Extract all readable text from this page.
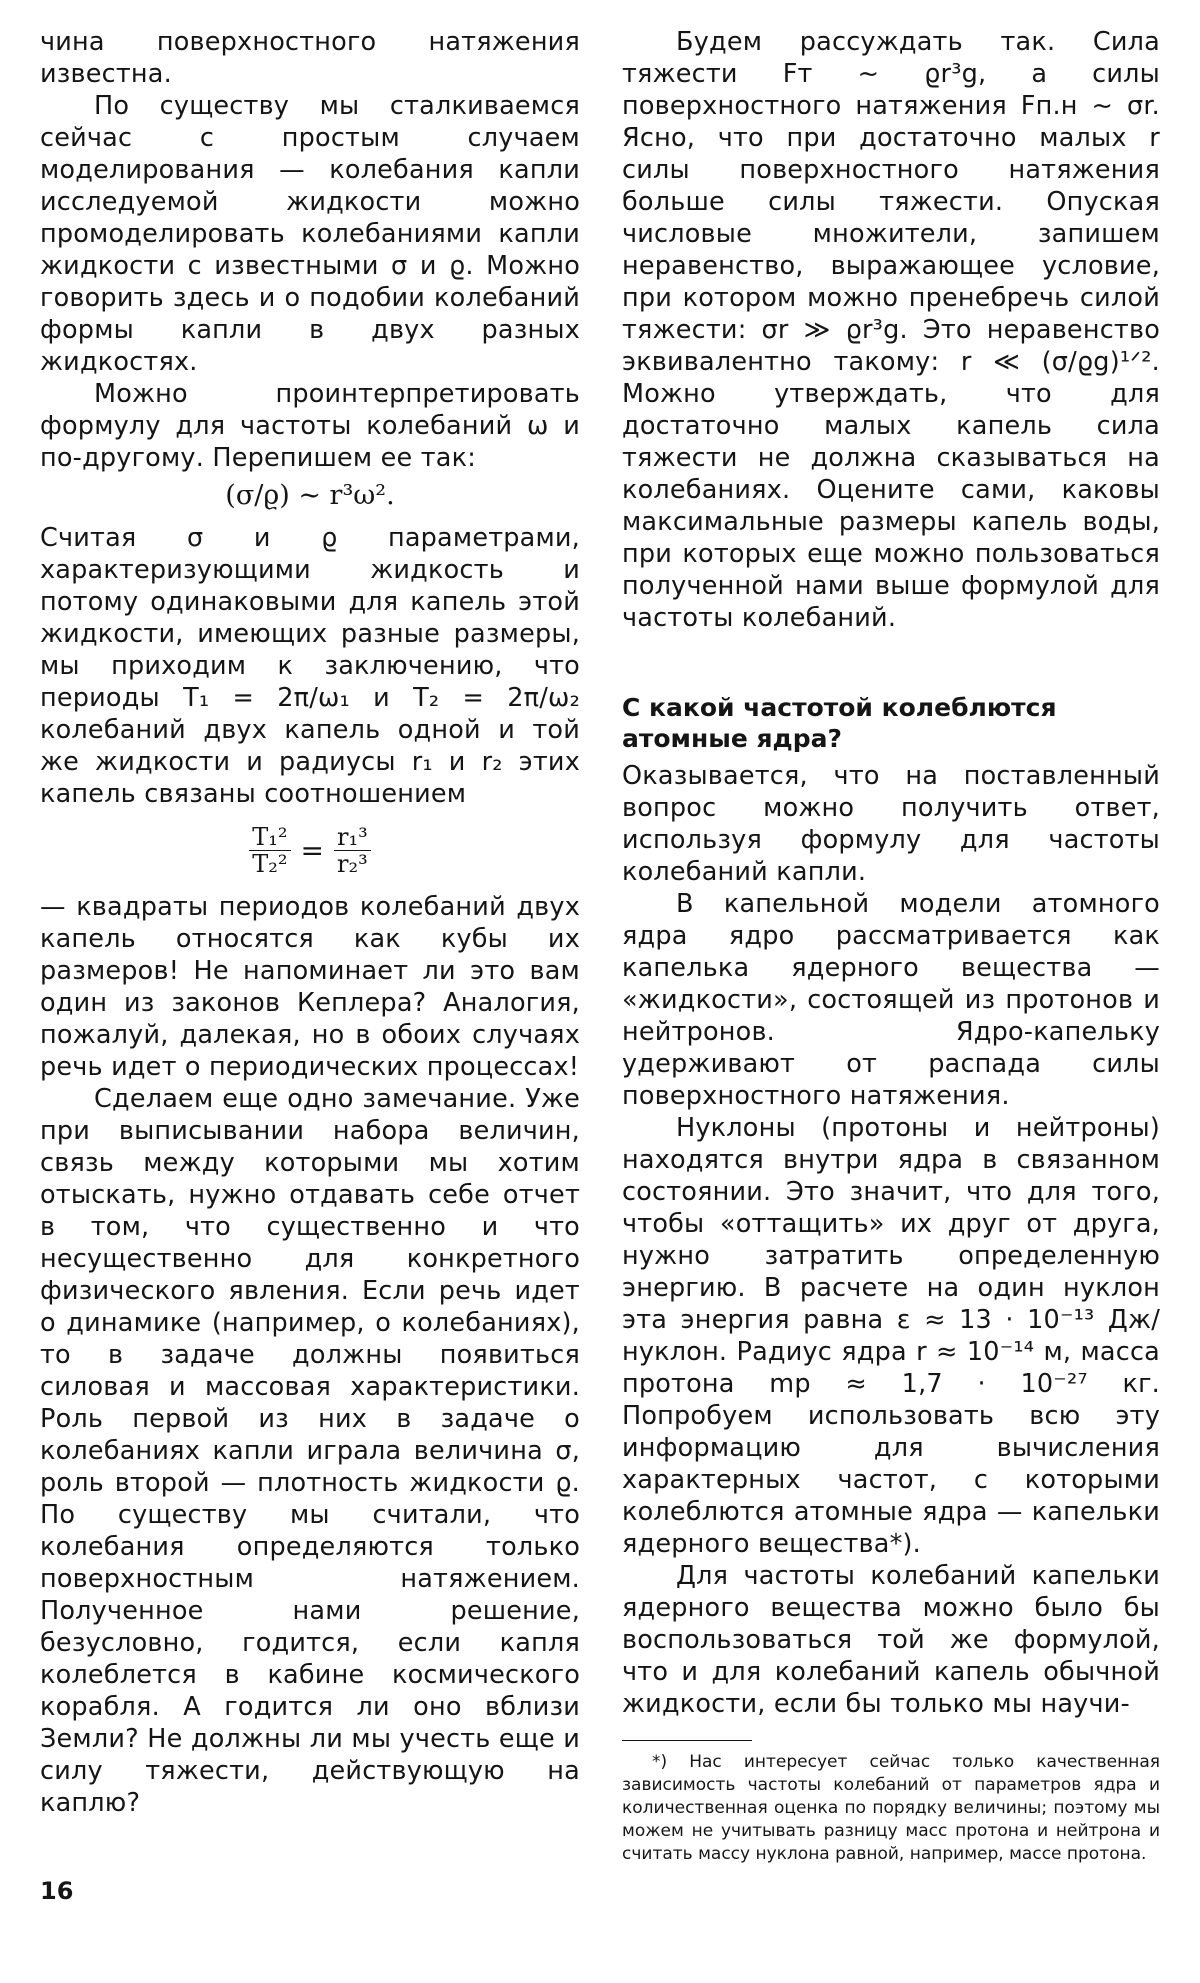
чина поверхностного натяжения известна.

По существу мы сталкиваемся сейчас с простым случаем моделирования — колебания капли исследуемой жидкости можно промоделировать колебаниями капли жидкости с известными σ и ϱ. Можно говорить здесь и о подобии колебаний формы капли в двух разных жидкостях.

Можно проинтерпретировать формулу для частоты колебаний ω и по-другому. Перепишем ее так:

(σ/ϱ) ∼ r³ω².

Считая σ и ϱ параметрами, характеризующими жидкость и потому одинаковыми для капель этой жидкости, имеющих разные размеры, мы приходим к заключению, что периоды T₁ = 2π/ω₁ и T₂ = 2π/ω₂ колебаний двух капель одной и той же жидкости и радиусы r₁ и r₂ этих капель связаны соотношением

$\frac{\text{T₁²}}{\text{T₂²}} = \frac{\text{r₁³}}{\text{r₂³}}$

— квадраты периодов колебаний двух капель относятся как кубы их размеров! Не напоминает ли это вам один из законов Кеплера? Аналогия, пожалуй, далекая, но в обоих случаях речь идет о периодических процессах!

Сделаем еще одно замечание. Уже при выписывании набора величин, связь между которыми мы хотим отыскать, нужно отдавать себе отчет в том, что существенно и что несущественно для конкретного физического явления. Если речь идет о динамике (например, о колебаниях), то в задаче должны появиться силовая и массовая характеристики. Роль первой из них в задаче о колебаниях капли играла величина σ, роль второй — плотность жидкости ϱ. По существу мы считали, что колебания определяются только поверхностным натяжением. Полученное нами решение, безусловно, годится, если капля колеблется в кабине космического корабля. А годится ли оно вблизи Земли? Не должны ли мы учесть еще и силу тяжести, действующую на каплю?

Будем рассуждать так. Сила тяжести Fт ∼ ϱr³g, а силы поверхностного натяжения Fп.н ∼ σr. Ясно, что при достаточно малых r силы поверхностного натяжения больше силы тяжести. Опуская числовые множители, запишем неравенство, выражающее условие, при котором можно пренебречь силой тяжести: σr ≫ ϱr³g. Это неравенство эквивалентно такому: r ≪ (σ/ϱg)¹ᐟ². Можно утверждать, что для достаточно малых капель сила тяжести не должна сказываться на колебаниях. Оцените сами, каковы максимальные размеры капель воды, при которых еще можно пользоваться полученной нами выше формулой для частоты колебаний.

С какой частотой колеблются атомные ядра?

Оказывается, что на поставленный вопрос можно получить ответ, используя формулу для частоты колебаний капли.

В капельной модели атомного ядра ядро рассматривается как капелька ядерного вещества — «жидкости», состоящей из протонов и нейтронов. Ядро-капельку удерживают от распада силы поверхностного натяжения.

Нуклоны (протоны и нейтроны) находятся внутри ядра в связанном состоянии. Это значит, что для того, чтобы «оттащить» их друг от друга, нужно затратить определенную энергию. В расчете на один нуклон эта энергия равна ε ≈ 13 · 10⁻¹³ Дж/нуклон. Радиус ядра r ≈ 10⁻¹⁴ м, масса протона mp ≈ 1,7 · 10⁻²⁷ кг. Попробуем использовать всю эту информацию для вычисления характерных частот, с которыми колеблются атомные ядра — капельки ядерного вещества*).

Для частоты колебаний капельки ядерного вещества можно было бы воспользоваться той же формулой, что и для колебаний капель обычной жидкости, если бы только мы научи-

*) Нас интересует сейчас только качественная зависимость частоты колебаний от параметров ядра и количественная оценка по порядку величины; поэтому мы можем не учитывать разницу масс протона и нейтрона и считать массу нуклона равной, например, массе протона.

16
